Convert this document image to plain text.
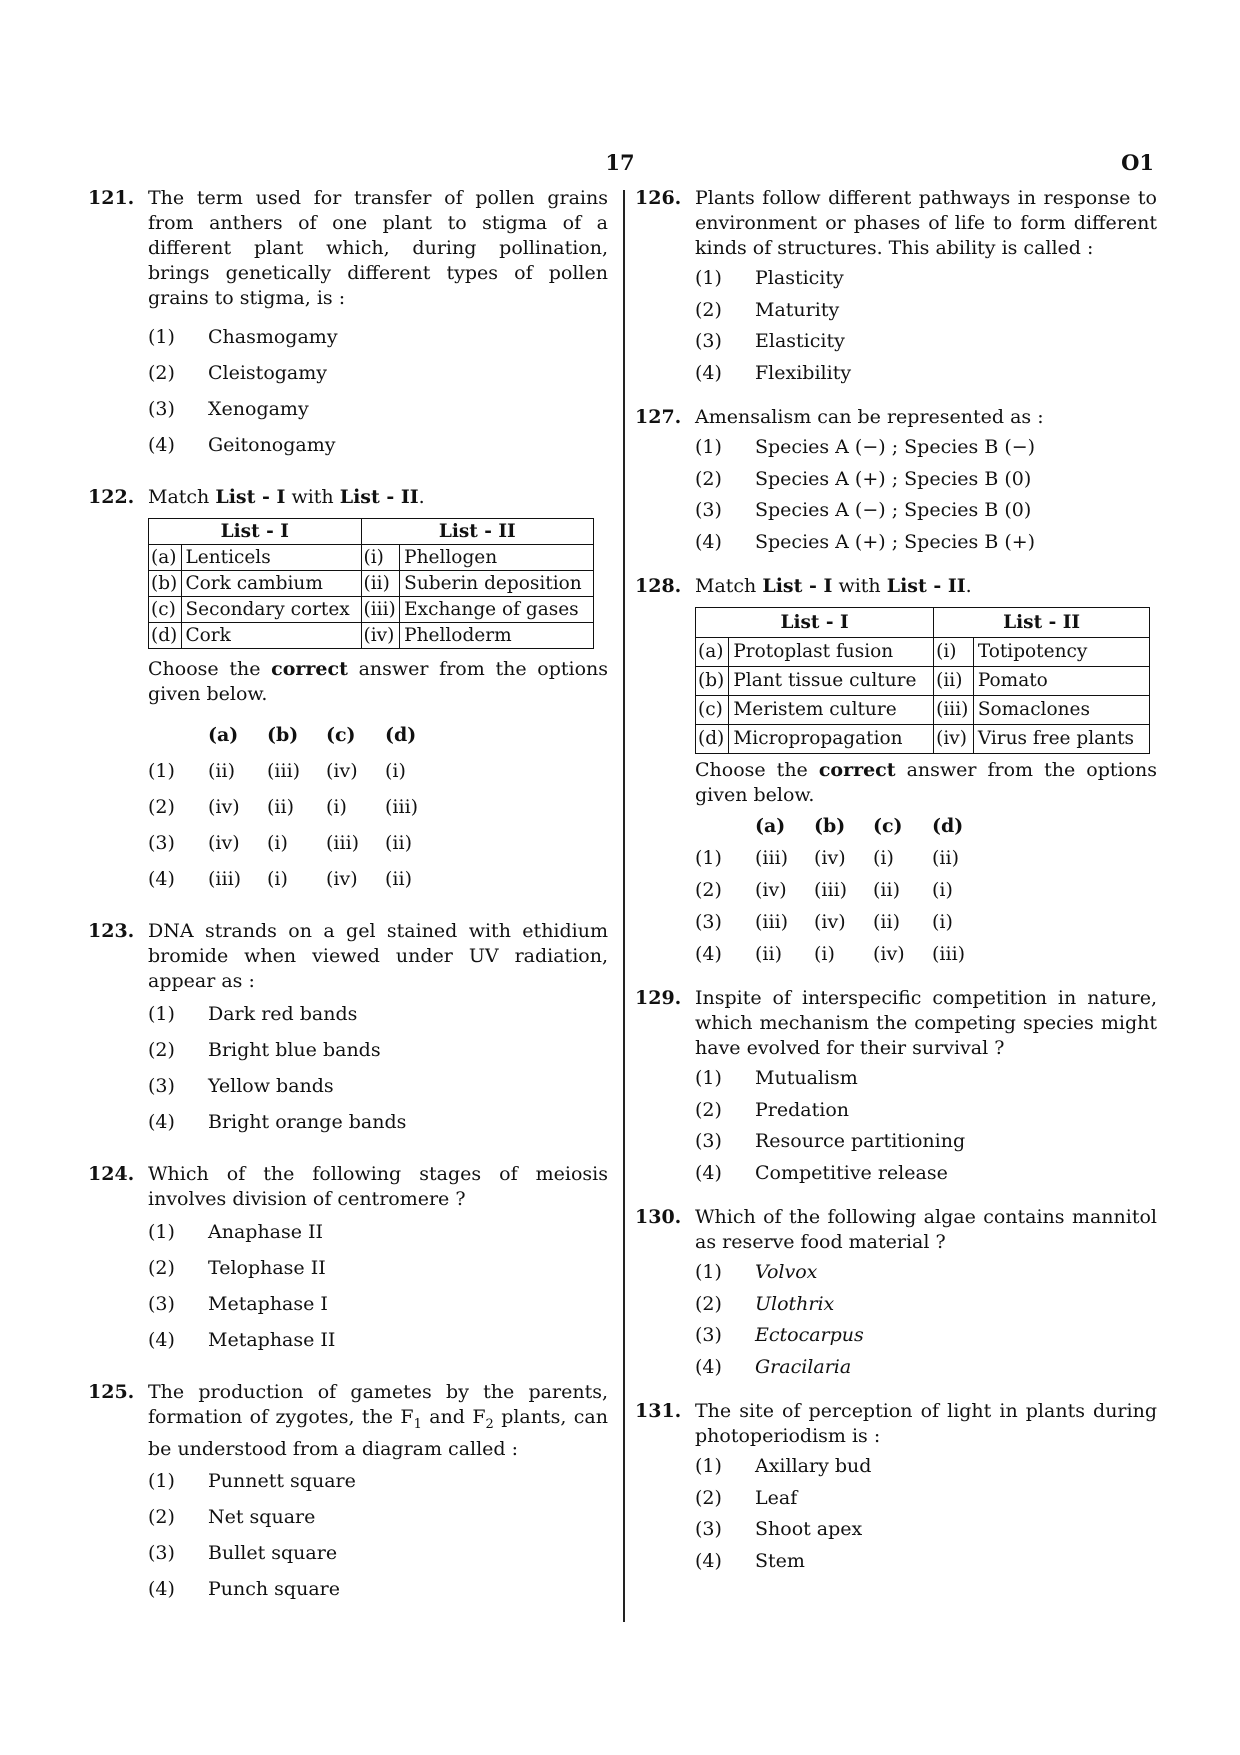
17	O1
121. The term used for transfer of pollen grains from anthers of one plant to stigma of a different plant which, during pollination, brings genetically different types of pollen grains to stigma, is :
(1)	Chasmogamy
(2)	Cleistogamy
(3)	Xenogamy
(4)	Geitonogamy
122. Match List - I with List - II.
List - I		List - II	
(a)	Lenticels	(i)	Phellogen
(b)	Cork cambium	(ii)	Suberin deposition
(c)	Secondary cortex	(iii)	Exchange of gases
(d)	Cork	(iv)	Phelloderm
Choose the correct answer from the options given below.
(a)	(b)	(c)	(d)
(1)	(ii)	(iii)	(iv)	(i)
(2)	(iv)	(ii)	(i)	(iii)
(3)	(iv)	(i)	(iii)	(ii)
(4)	(iii)	(i)	(iv)	(ii)
123. DNA strands on a gel stained with ethidium bromide when viewed under UV radiation, appear as :
(1)	Dark red bands
(2)	Bright blue bands
(3)	Yellow bands
(4)	Bright orange bands
124. Which of the following stages of meiosis involves division of centromere ?
(1)	Anaphase II
(2)	Telophase II
(3)	Metaphase I
(4)	Metaphase II
125. The production of gametes by the parents, formation of zygotes, the $F_1$ and $F_2$ plants, can be understood from a diagram called :
(1)	Punnett square
(2)	Net square
(3)	Bullet square
(4)	Punch square
126. Plants follow different pathways in response to environment or phases of life to form different kinds of structures. This ability is called :
(1)	Plasticity
(2)	Maturity
(3)	Elasticity
(4)	Flexibility
127. Amensalism can be represented as :
(1)	Species A (−) ; Species B (−)
(2)	Species A (+) ; Species B (0)
(3)	Species A (−) ; Species B (0)
(4)	Species A (+) ; Species B (+)
128. Match List - I with List - II.
List - I		List - II	
(a)	Protoplast fusion	(i)	Totipotency
(b)	Plant tissue culture	(ii)	Pomato
(c)	Meristem culture	(iii)	Somaclones
(d)	Micropropagation	(iv)	Virus free plants
Choose the correct answer from the options given below.
(a)	(b)	(c)	(d)
(1)	(iii)	(iv)	(i)	(ii)
(2)	(iv)	(iii)	(ii)	(i)
(3)	(iii)	(iv)	(ii)	(i)
(4)	(ii)	(i)	(iv)	(iii)
129. Inspite of interspecific competition in nature, which mechanism the competing species might have evolved for their survival ?
(1)	Mutualism
(2)	Predation
(3)	Resource partitioning
(4)	Competitive release
130. Which of the following algae contains mannitol as reserve food material ?
(1)	Volvox
(2)	Ulothrix
(3)	Ectocarpus
(4)	Gracilaria
131. The site of perception of light in plants during photoperiodism is :
(1)	Axillary bud
(2)	Leaf
(3)	Shoot apex
(4)	Stem
